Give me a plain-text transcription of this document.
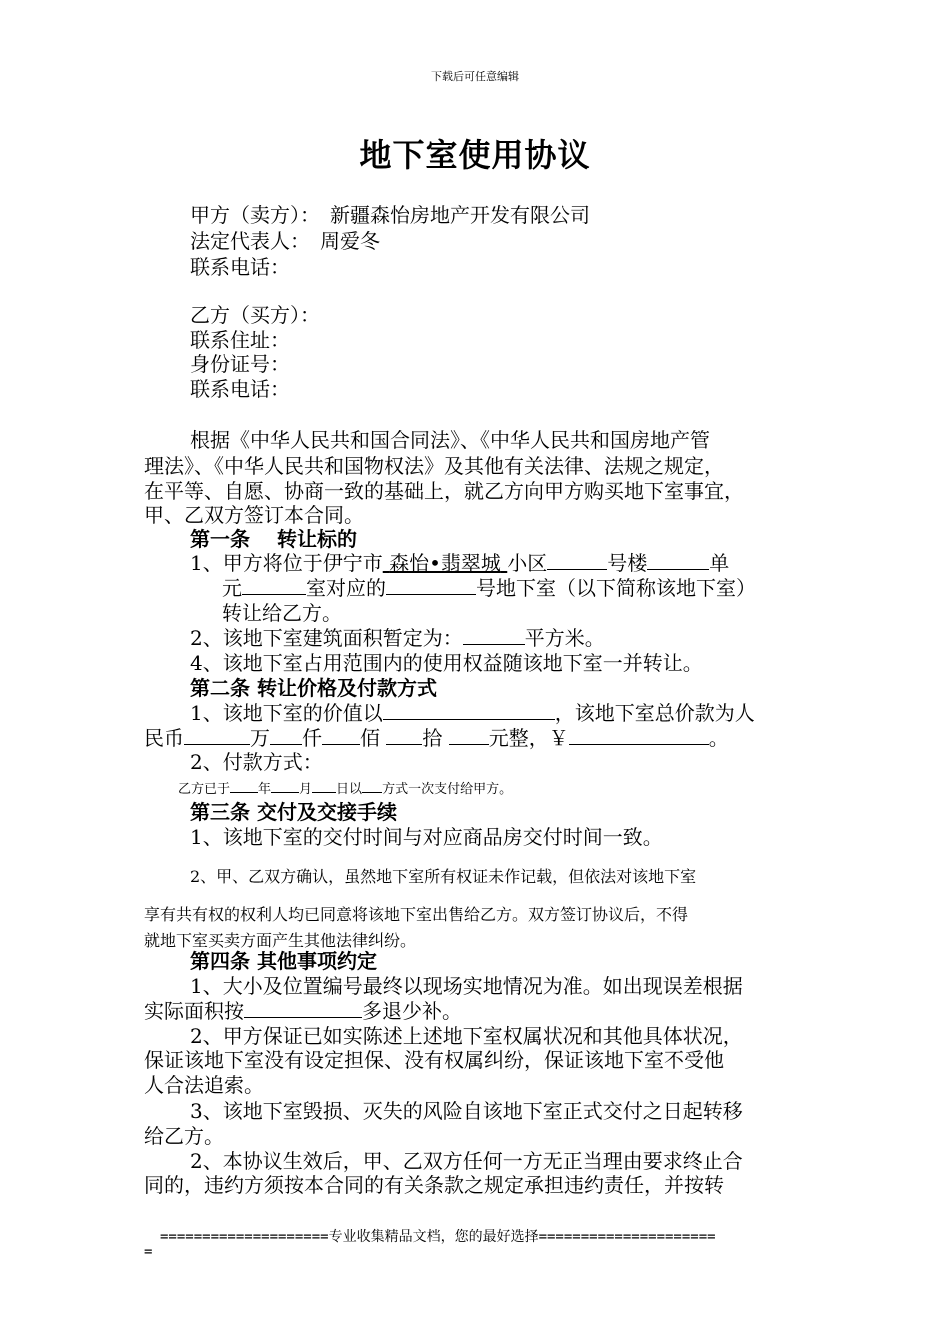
下载后可任意编辑
地下室使用协议
甲方（卖方）：　新疆森怡房地产开发有限公司
法定代表人：　周爱冬
联系电话：
乙方（买方）：
联系住址：
身份证号：
联系电话：
根据《中华人民共和国合同法》、《中华人民共和国房地产管
理法》、《中华人民共和国物权法》及其他有关法律、法规之规定，
在平等、自愿、协商一致的基础上，就乙方向甲方购买地下室事宜，
甲、乙双方签订本合同。
第一条　 转让标的
1、甲方将位于伊宁市 森怡•翡翠城 小区	号楼	单
元	室对应的	号地下室（以下简称该地下室）
转让给乙方。
2、该地下室建筑面积暂定为：	平方米。
4、该地下室占用范围内的使用权益随该地下室一并转让。
第二条 转让价格及付款方式
1、该地下室的价值以	，该地下室总价款为人
民币	万 仟 佰 拾 元整，￥	。
2、付款方式：
乙方已于 年 月 日以 方式一次支付给甲方。
第三条 交付及交接手续
1、该地下室的交付时间与对应商品房交付时间一致。
2、甲、乙双方确认，虽然地下室所有权证未作记载，但依法对该地下室
享有共有权的权利人均已同意将该地下室出售给乙方。双方签订协议后，不得
就地下室买卖方面产生其他法律纠纷。
第四条 其他事项约定
1、大小及位置编号最终以现场实地情况为准。如出现误差根据
实际面积按	多退少补。
2、甲方保证已如实陈述上述地下室权属状况和其他具体状况，
保证该地下室没有设定担保、没有权属纠纷，保证该地下室不受他
人合法追索。
3、该地下室毁损、灭失的风险自该地下室正式交付之日起转移
给乙方。
2、本协议生效后，甲、乙双方任何一方无正当理由要求终止合
同的，违约方须按本合同的有关条款之规定承担违约责任，并按转
====================专业收集精品文档，您的最好选择=====================
=
